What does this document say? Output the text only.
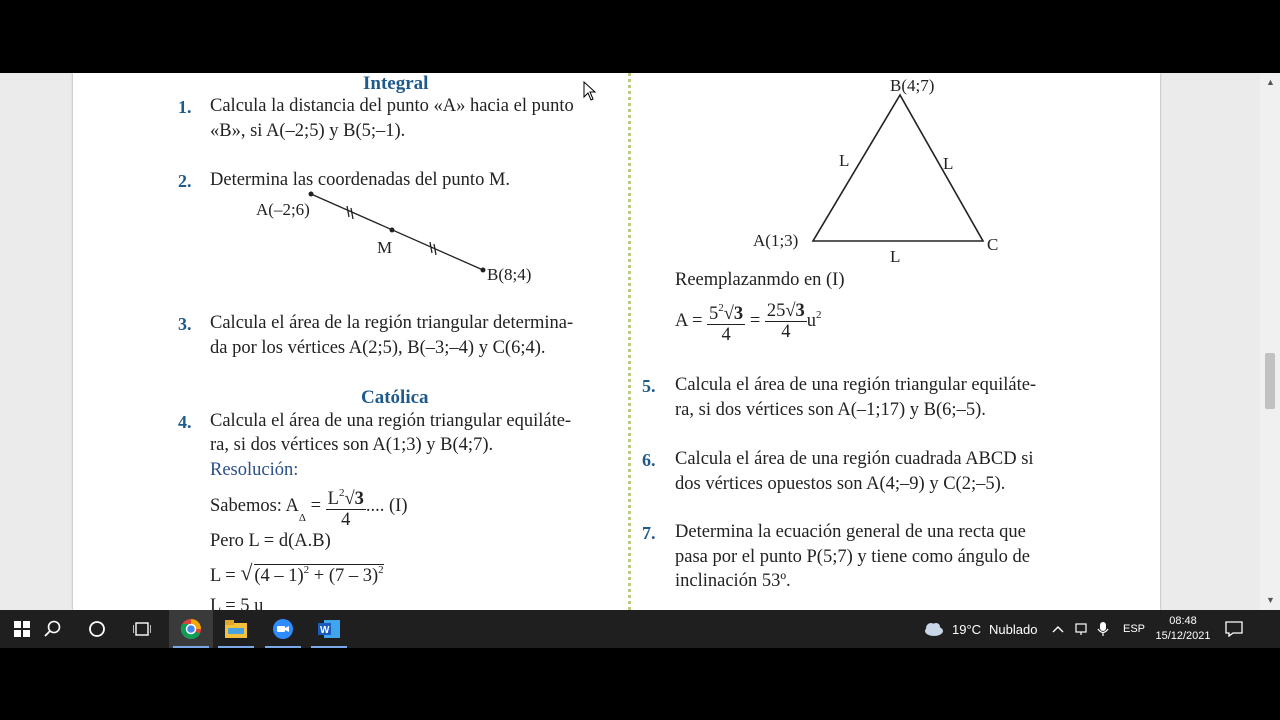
Integral
1. Calcula la distancia del punto «A» hacia el punto
«B», si A(–2;5) y B(5;–1).
2. Determina las coordenadas del punto M.
A(–2;6)
M
B(8;4)
3. Calcula el área de la región triangular determina-
da por los vértices A(2;5), B(–3;–4) y C(6;4).
Católica
4. Calcula el área de una región triangular equiláte-
ra, si dos vértices son A(1;3) y B(4;7).
Resolución:
Sabemos: $A_\Delta = \frac{L^2√3}{4}$ .... (I)
Pero L = d(A.B)
L = √ (4 – 1)$^2$ + (7 – 3)$^2$
L = 5 u
B(4;7)
A(1;3)	C
L	L
L
Reemplazanmdo en (I)
$A = \frac{5^2√3}{4} = \frac{25√3}{4} u^2$
5. Calcula el área de una región triangular equiláte-
ra, si dos vértices son A(–1;17) y B(6;–5).
6. Calcula el área de una región cuadrada ABCD si
dos vértices opuestos son A(4;–9) y C(2;–5).
7. Determina la ecuación general de una recta que
pasa por el punto P(5;7) y tiene como ángulo de
inclinación 53º.
▲
▼
W	19°C Nublado	ESP
08:48
15/12/2021
